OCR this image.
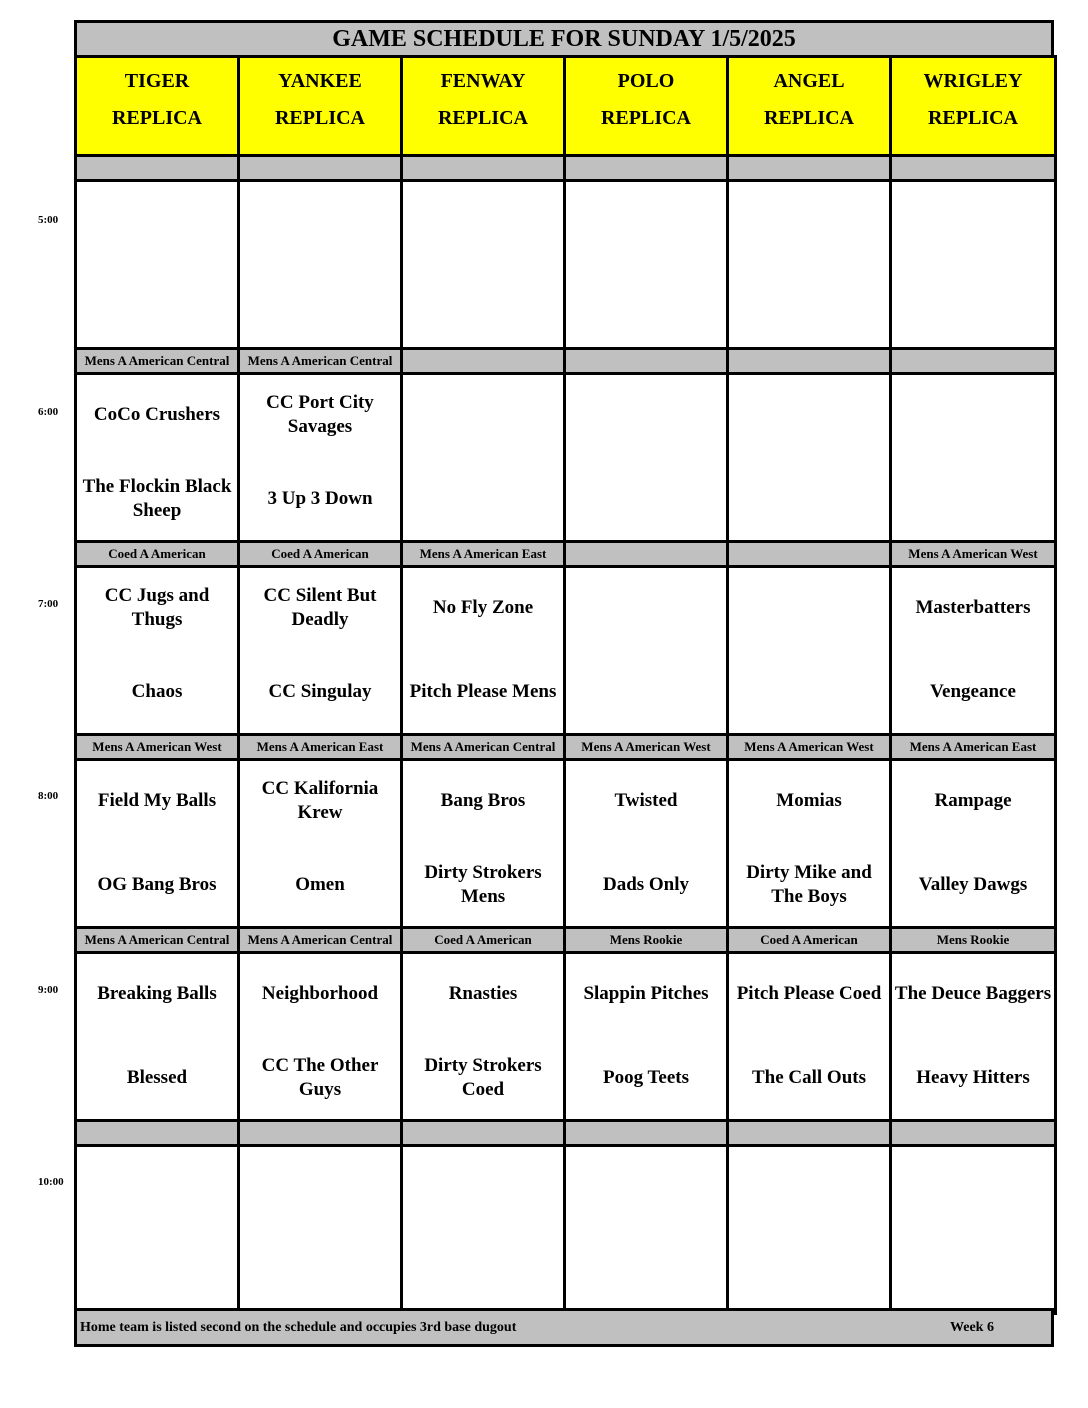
GAME SCHEDULE FOR SUNDAY 1/5/2025
TIGER
REPLICA
YANKEE
REPLICA
FENWAY
REPLICA
POLO
REPLICA
ANGEL
REPLICA
WRIGLEY
REPLICA
5:00
6:00
Mens A American Central
CoCo Crushers
The Flockin Black Sheep
Mens A American Central
CC Port City Savages
3 Up 3 Down
7:00
Coed A American
CC Jugs and Thugs
Chaos
Coed A American
CC Silent But Deadly
CC Singulay
Mens A American East
No Fly Zone
Pitch Please Mens
Mens A American West
Masterbatters
Vengeance
8:00
Mens A American West
Field My Balls
OG Bang Bros
Mens A American East
CC Kalifornia Krew
Omen
Mens A American Central
Bang Bros
Dirty Strokers Mens
Mens A American West
Twisted
Dads Only
Mens A American West
Momias
Dirty Mike and The Boys
Mens A American East
Rampage
Valley Dawgs
9:00
Mens A American Central
Breaking Balls
Blessed
Mens A American Central
Neighborhood
CC The Other Guys
Coed A American
Rnasties
Dirty Strokers Coed
Mens Rookie
Slappin Pitches
Poog Teets
Coed A American
Pitch Please Coed
The Call Outs
Mens Rookie
The Deuce Baggers
Heavy Hitters
10:00
Home team is listed second on the schedule and occupies 3rd base dugout	Week 6
